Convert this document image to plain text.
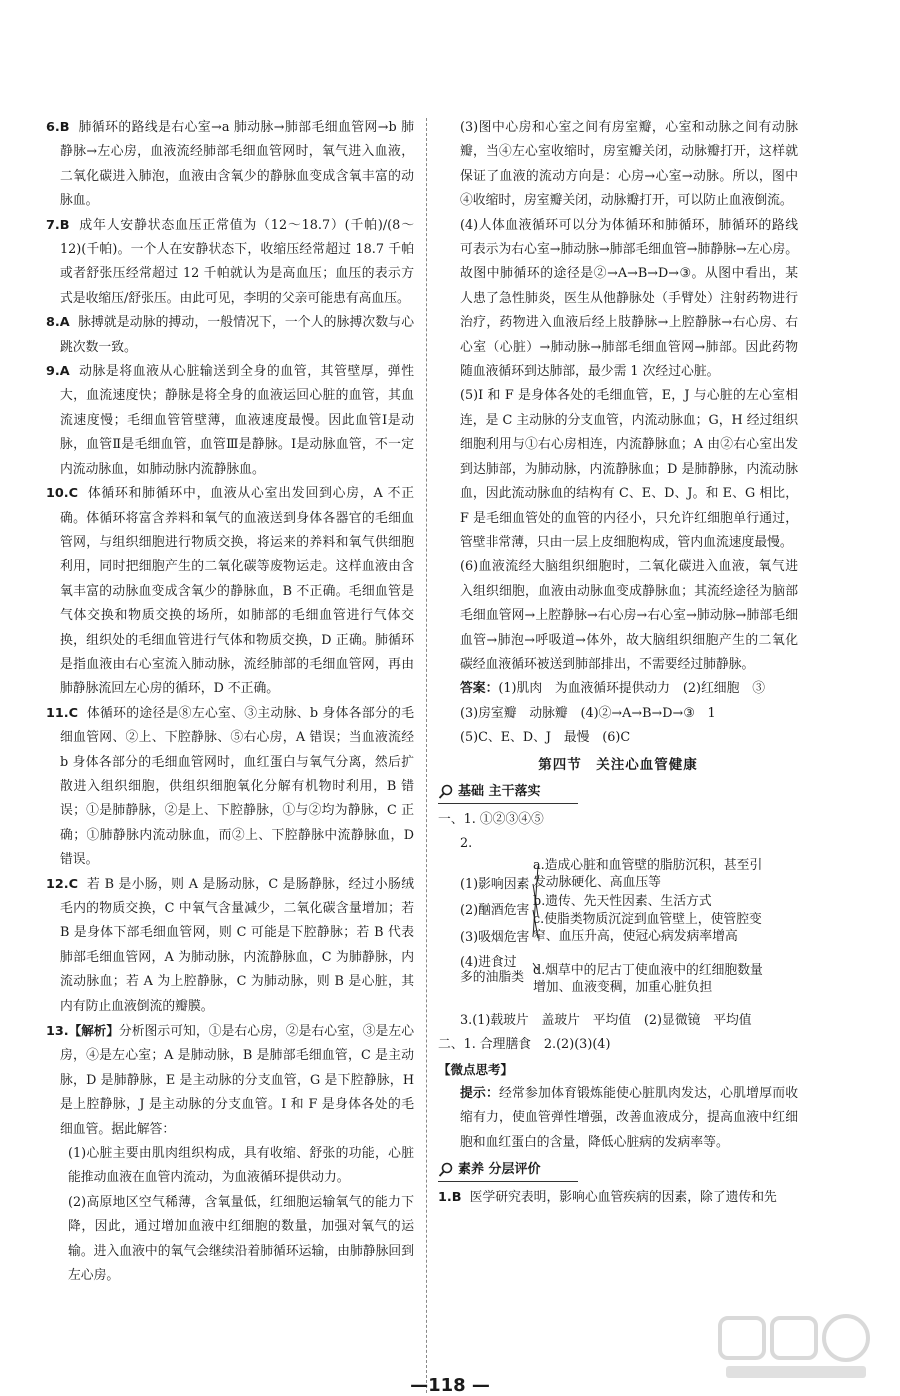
6.B 肺循环的路线是右心室→a 肺动脉→肺部毛细血管网→b 肺静脉→左心房，血液流经肺部毛细血管网时，氧气进入血液，二氧化碳进入肺泡，血液由含氧少的静脉血变成含氧丰富的动脉血。

7.B 成年人安静状态血压正常值为（12～18.7）(千帕)/(8～12)(千帕)。一个人在安静状态下，收缩压经常超过 18.7 千帕或者舒张压经常超过 12 千帕就认为是高血压；血压的表示方式是收缩压/舒张压。由此可见，李明的父亲可能患有高血压。

8.A 脉搏就是动脉的搏动，一般情况下，一个人的脉搏次数与心跳次数一致。

9.A 动脉是将血液从心脏输送到全身的血管，其管壁厚，弹性大，血流速度快；静脉是将全身的血液运回心脏的血管，其血流速度慢；毛细血管管壁薄，血液速度最慢。因此血管Ⅰ是动脉，血管Ⅱ是毛细血管，血管Ⅲ是静脉。Ⅰ是动脉血管，不一定内流动脉血，如肺动脉内流静脉血。

10.C 体循环和肺循环中，血液从心室出发回到心房，A 不正确。体循环将富含养料和氧气的血液送到身体各器官的毛细血管网，与组织细胞进行物质交换，将运来的养料和氧气供细胞利用，同时把细胞产生的二氧化碳等废物运走。这样血液由含氧丰富的动脉血变成含氧少的静脉血，B 不正确。毛细血管是气体交换和物质交换的场所，如肺部的毛细血管进行气体交换，组织处的毛细血管进行气体和物质交换，D 正确。肺循环是指血液由右心室流入肺动脉，流经肺部的毛细血管网，再由肺静脉流回左心房的循环，D 不正确。

11.C 体循环的途径是⑧左心室、③主动脉、b 身体各部分的毛细血管网、②上、下腔静脉、⑤右心房，A 错误；当血液流经 b 身体各部分的毛细血管网时，血红蛋白与氧气分离，然后扩散进入组织细胞，供组织细胞氧化分解有机物时利用，B 错误；①是肺静脉，②是上、下腔静脉，①与②均为静脉，C 正确；①肺静脉内流动脉血，而②上、下腔静脉中流静脉血，D 错误。

12.C 若 B 是小肠，则 A 是肠动脉，C 是肠静脉，经过小肠绒毛内的物质交换，C 中氧气含量减少，二氧化碳含量增加；若 B 是身体下部毛细血管网，则 C 可能是下腔静脉；若 B 代表肺部毛细血管网，A 为肺动脉，内流静脉血，C 为肺静脉，内流动脉血；若 A 为上腔静脉，C 为肺动脉，则 B 是心脏，其内有防止血液倒流的瓣膜。

13.【解析】分析图示可知，①是右心房，②是右心室，③是左心房，④是左心室；A 是肺动脉，B 是肺部毛细血管，C 是主动脉，D 是肺静脉，E 是主动脉的分支血管，G 是下腔静脉，H 是上腔静脉，J 是主动脉的分支血管。I 和 F 是身体各处的毛细血管。据此解答：

(1)心脏主要由肌肉组织构成，具有收缩、舒张的功能，心脏能推动血液在血管内流动，为血液循环提供动力。

(2)高原地区空气稀薄，含氧量低，红细胞运输氧气的能力下降，因此，通过增加血液中红细胞的数量，加强对氧气的运输。进入血液中的氧气会继续沿着肺循环运输，由肺静脉回到左心房。

(3)图中心房和心室之间有房室瓣，心室和动脉之间有动脉瓣，当④左心室收缩时，房室瓣关闭，动脉瓣打开，这样就保证了血液的流动方向是：心房→心室→动脉。所以，图中④收缩时，房室瓣关闭，动脉瓣打开，可以防止血液倒流。

(4)人体血液循环可以分为体循环和肺循环，肺循环的路线可表示为右心室→肺动脉→肺部毛细血管→肺静脉→左心房。故图中肺循环的途径是②→A→B→D→③。从图中看出，某人患了急性肺炎，医生从他静脉处（手臂处）注射药物进行治疗，药物进入血液后经上肢静脉→上腔静脉→右心房、右心室（心脏）→肺动脉→肺部毛细血管网→肺部。因此药物随血液循环到达肺部，最少需 1 次经过心脏。

(5)I 和 F 是身体各处的毛细血管，E，J 与心脏的左心室相连，是 C 主动脉的分支血管，内流动脉血；G，H 经过组织细胞利用与①右心房相连，内流静脉血；A 由②右心室出发到达肺部，为肺动脉，内流静脉血；D 是肺静脉，内流动脉血，因此流动脉血的结构有 C、E、D、J。和 E、G 相比，F 是毛细血管处的血管的内径小，只允许红细胞单行通过，管壁非常薄，只由一层上皮细胞构成，管内血流速度最慢。

(6)血液流经大脑组织细胞时，二氧化碳进入血液，氧气进入组织细胞，血液由动脉血变成静脉血；其流经途径为脑部毛细血管网→上腔静脉→右心房→右心室→肺动脉→肺部毛细血管→肺泡→呼吸道→体外，故大脑组织细胞产生的二氧化碳经血液循环被送到肺部排出，不需要经过肺静脉。

答案：(1)肌肉　为血液循环提供动力　(2)红细胞　③

(3)房室瓣　动脉瓣　(4)②→A→B→D→③　1

(5)C、E、D、J　最慢　(6)C

第四节　关注心血管健康
基础 主干落实

一、1. ①②③④⑤

2.

(1)影响因素
(2)酗酒危害
(3)吸烟危害
(4)进食过多的油脂类
a.造成心脏和血管壁的脂肪沉积，甚至引发动脉硬化、高血压等
b.遗传、先天性因素、生活方式
c.使脂类物质沉淀到血管壁上，使管腔变窄、血压升高，使冠心病发病率增高
d.烟草中的尼古丁使血液中的红细胞数量增加、血液变稠，加重心脏负担

3.(1)载玻片　盖玻片　平均值　(2)显微镜　平均值

二、1. 合理膳食　2.(2)(3)(4)

【微点思考】

提示：经常参加体育锻炼能使心脏肌肉发达，心肌增厚而收缩有力，使血管弹性增强，改善血液成分，提高血液中红细胞和血红蛋白的含量，降低心脏病的发病率等。

素养 分层评价

1.B 医学研究表明，影响心血管疾病的因素，除了遗传和先

—118 —
